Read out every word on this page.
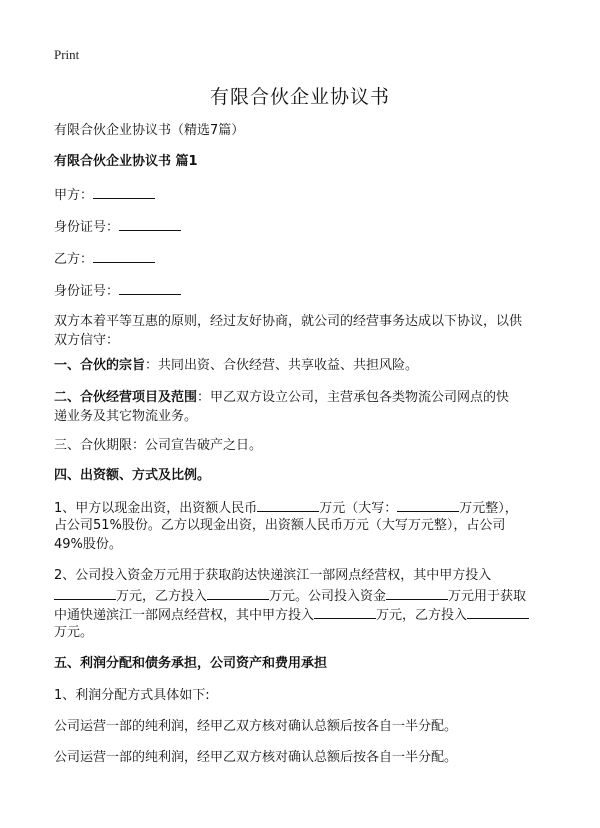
Print
有限合伙企业协议书
有限合伙企业协议书（精选7篇）
有限合伙企业协议书 篇1
甲方：
身份证号：
乙方：
身份证号：
双方本着平等互惠的原则，经过友好协商，就公司的经营事务达成以下协议，以供
双方信守：
一、合伙的宗旨：共同出资、合伙经营、共享收益、共担风险。
二、合伙经营项目及范围：甲乙双方设立公司，主营承包各类物流公司网点的快
递业务及其它物流业务。
三、合伙期限：公司宣告破产之日。
四、出资额、方式及比例。
1、甲方以现金出资，出资额人民币	万元（大写：	万元整），
占公司51%股份。乙方以现金出资，出资额人民币万元（大写万元整），占公司
49%股份。
2、公司投入资金万元用于获取韵达快递滨江一部网点经营权，其中甲方投入
万元，乙方投入	万元。公司投入资金	万元用于获取
中通快递滨江一部网点经营权，其中甲方投入	万元，乙方投入
万元。
五、利润分配和债务承担，公司资产和费用承担
1、利润分配方式具体如下:
公司运营一部的纯利润，经甲乙双方核对确认总额后按各自一半分配。
公司运营一部的纯利润，经甲乙双方核对确认总额后按各自一半分配。
